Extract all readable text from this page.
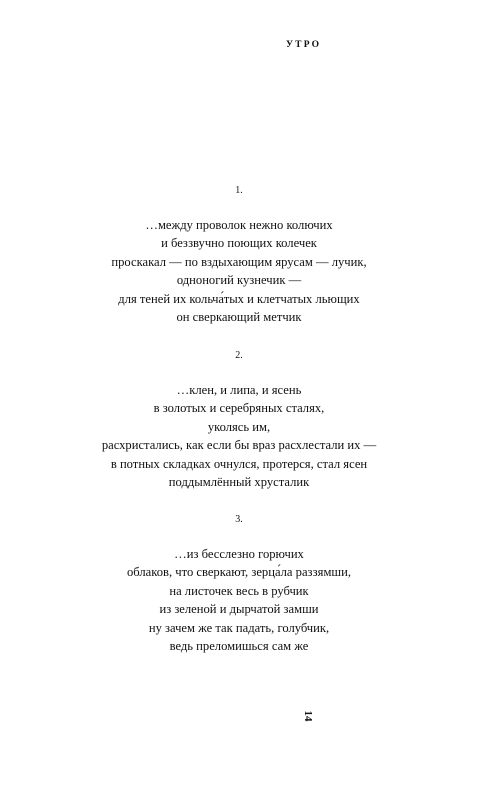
УТРО
1.
…между проволок нежно колючих
и беззвучно поющих колечек
проскакал — по вздыхающим ярусам — лучик,
одноногий кузнечик —
для теней их кольча́тых и клетчатых льющих
он сверкающий метчик
2.
…клен, и липа, и ясень
в золотых и серебряных сталях,
уколясь им,
расхристались, как если бы враз расхлестали их —
в потных складках очнулся, протерся, стал ясен
поддымлённый хрусталик
3.
…из бесслезно горючих
облаков, что сверкают, зерца́ла раззямши,
на листочек весь в рубчик
из зеленой и дырчатой замши
ну зачем же так падать, голубчик,
ведь преломишься сам же
14
